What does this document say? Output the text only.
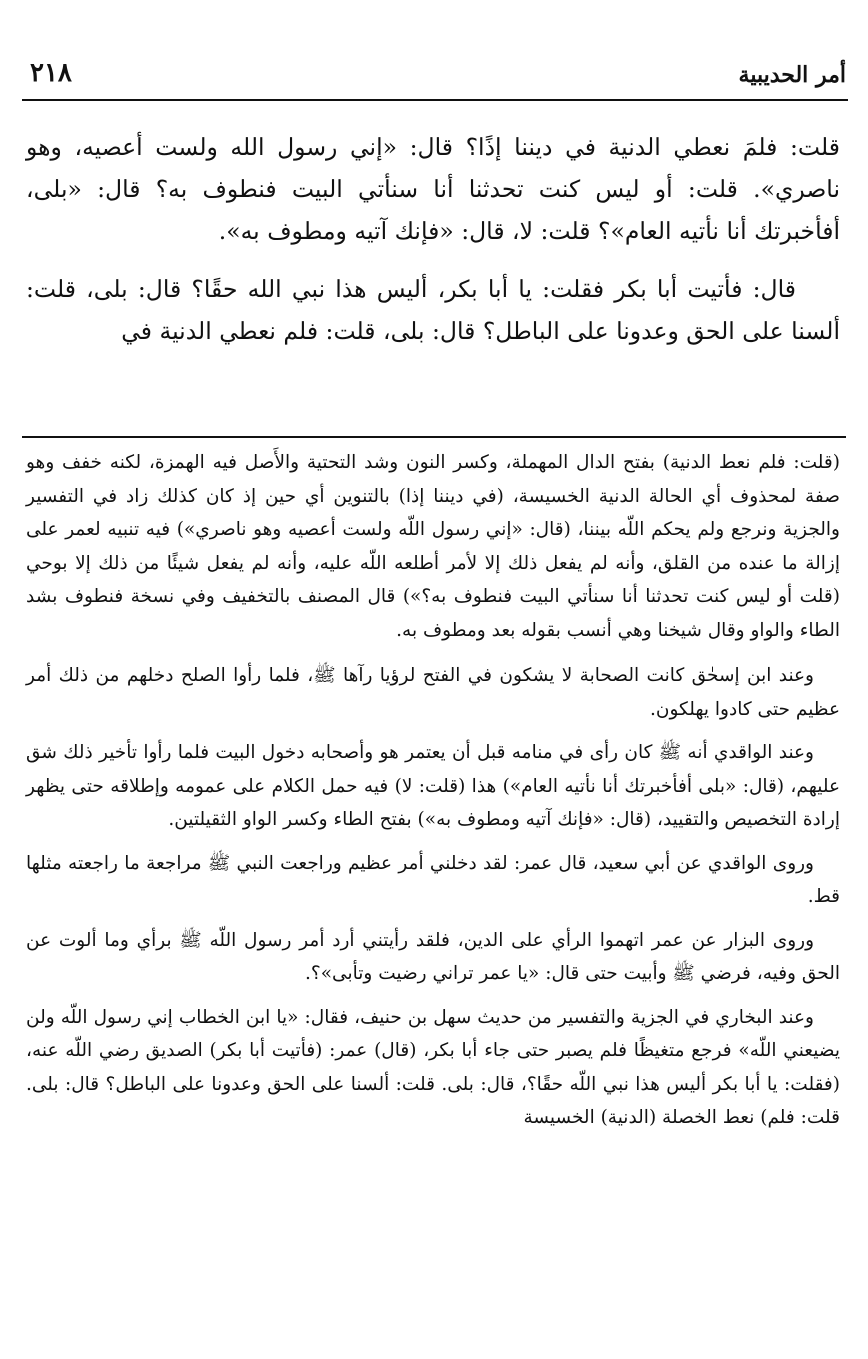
٢١٨	أمر الحديبية

قلت: فلمَ نعطي الدنية في ديننا إذًا؟ قال: «إني رسول الله ولست أعصيه، وهو ناصري». قلت: أو ليس كنت تحدثنا أنا سنأتي البيت فنطوف به؟ قال: «بلى، أفأخبرتك أنا نأتيه العام»؟ قلت: لا، قال: «فإنك آتيه ومطوف به».

قال: فأتيت أبا بكر فقلت: يا أبا بكر، أليس هذا نبي الله حقًا؟ قال: بلى، قلت: ألسنا على الحق وعدونا على الباطل؟ قال: بلى، قلت: فلم نعطي الدنية في

(قلت: فلم نعط الدنية) بفتح الدال المهملة، وكسر النون وشد التحتية والأَصل فيه الهمزة، لكنه خفف وهو صفة لمحذوف أي الحالة الدنية الخسيسة، (في ديننا إذا) بالتنوين أي حين إذ كان كذلك زاد في التفسير والجزية ونرجع ولم يحكم اللّه بيننا، (قال: «إني رسول اللّه ولست أعصيه وهو ناصري») فيه تنبيه لعمر على إزالة ما عنده من القلق، وأنه لم يفعل ذلك إلا لأمر أطلعه اللّه عليه، وأنه لم يفعل شيئًا من ذلك إلا بوحي (قلت أو ليس كنت تحدثنا أنا سنأتي البيت فنطوف به؟») قال المصنف بالتخفيف وفي نسخة فنطوف بشد الطاء والواو وقال شيخنا وهي أنسب بقوله بعد ومطوف به.

وعند ابن إسحٰق كانت الصحابة لا يشكون في الفتح لرؤيا رآها ﷺ، فلما رأوا الصلح دخلهم من ذلك أمر عظيم حتى كادوا يهلكون.

وعند الواقدي أنه ﷺ كان رأى في منامه قبل أن يعتمر هو وأصحابه دخول البيت فلما رأوا تأخير ذلك شق عليهم، (قال: «بلى أفأخبرتك أنا نأتيه العام») هذا (قلت: لا) فيه حمل الكلام على عمومه وإطلاقه حتى يظهر إرادة التخصيص والتقييد، (قال: «فإنك آتيه ومطوف به») بفتح الطاء وكسر الواو الثقيلتين.

وروى الواقدي عن أبي سعيد، قال عمر: لقد دخلني أمر عظيم وراجعت النبي ﷺ مراجعة ما راجعته مثلها قط.

وروى البزار عن عمر اتهموا الرأي على الدين، فلقد رأيتني أرد أمر رسول اللّه ﷺ برأي وما ألوت عن الحق وفيه، فرضي ﷺ وأبيت حتى قال: «يا عمر تراني رضيت وتأبى»؟.

وعند البخاري في الجزية والتفسير من حديث سهل بن حنيف، فقال: «يا ابن الخطاب إني رسول اللّه ولن يضيعني اللّه» فرجع متغيظًا فلم يصبر حتى جاء أبا بكر، (قال) عمر: (فأتيت أبا بكر) الصديق رضي اللّه عنه، (فقلت: يا أبا بكر أليس هذا نبي اللّه حقًا؟، قال: بلى. قلت: ألسنا على الحق وعدونا على الباطل؟ قال: بلى. قلت: فلم) نعط الخصلة (الدنية) الخسيسة
